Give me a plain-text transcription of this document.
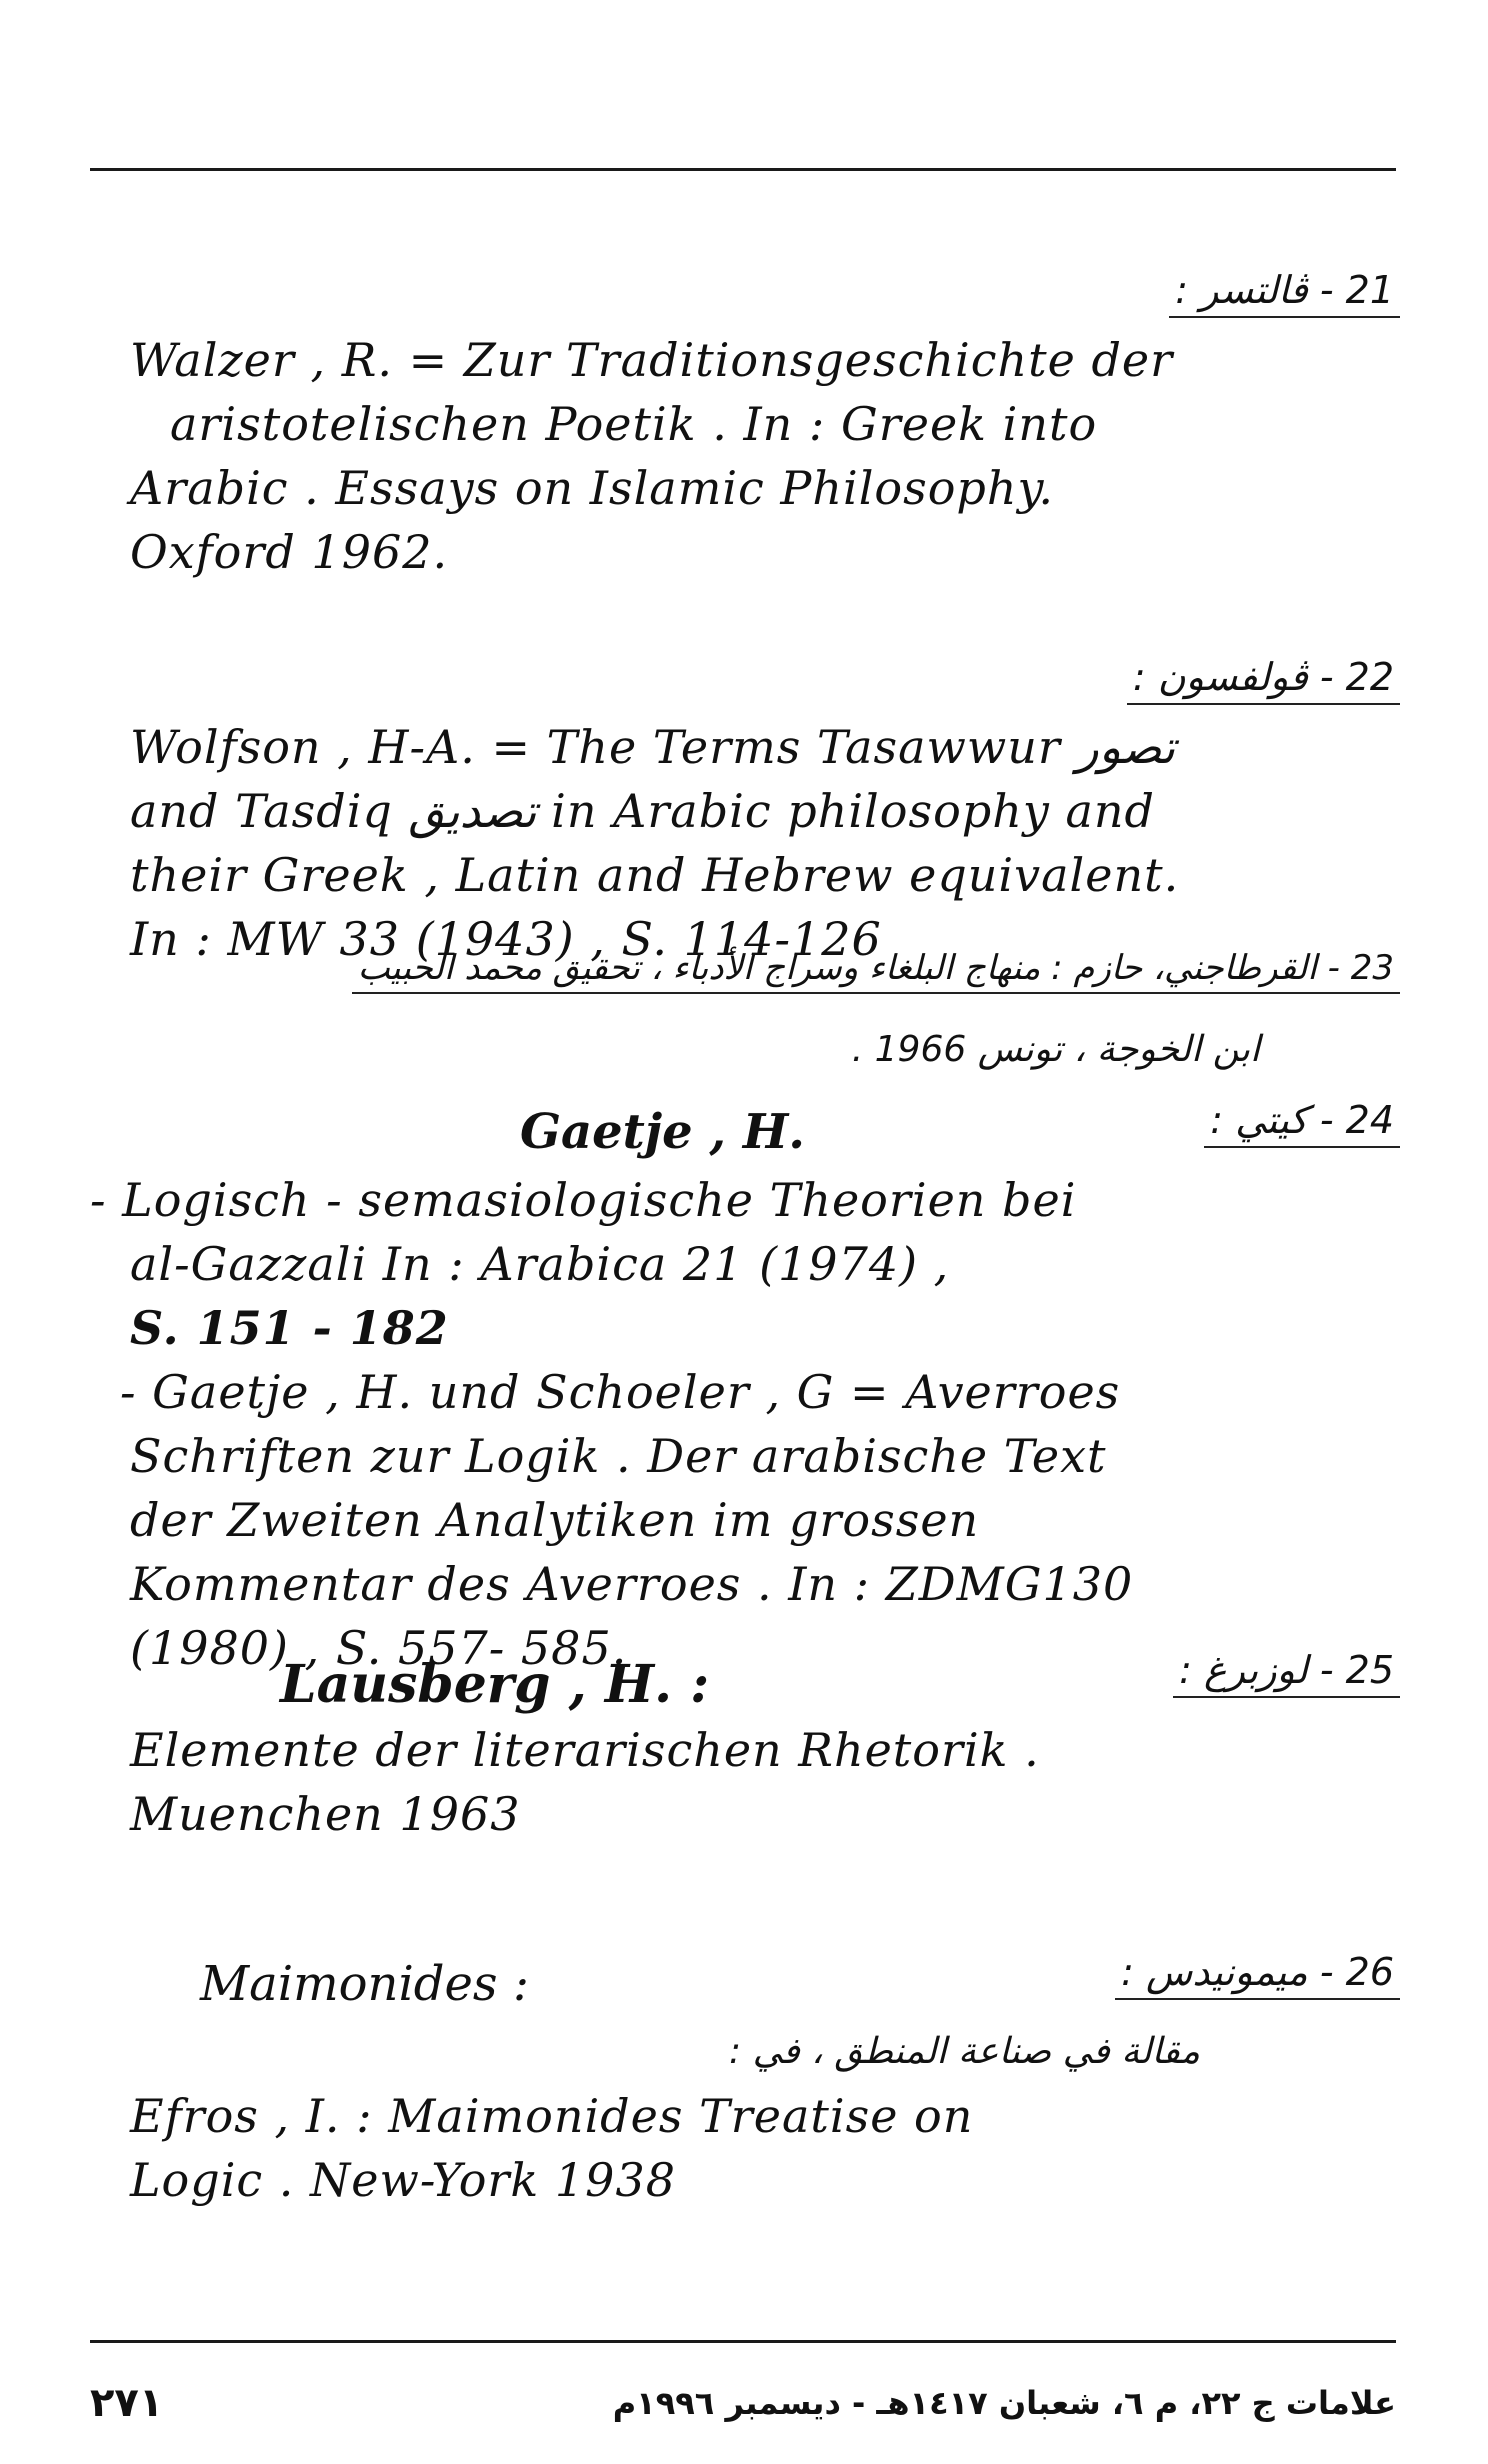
21 - ڤالتسر :
Walzer , R. = Zur Traditionsgeschichte der
aristotelischen Poetik . In : Greek into
Arabic . Essays on Islamic Philosophy.
Oxford 1962.
22 - ڤولفسون :
Wolfson , H-A. = The Terms Tasawwur تصور
and Tasdiq تصديق in Arabic philosophy and
their Greek , Latin and Hebrew equivalent.
In : MW 33 (1943) , S. 114-126
23 - القرطاجني، حازم : منهاج البلغاء وسراج الأدباء ، تحقيق محمد الحبيب
ابن الخوجة ، تونس 1966 .
Gaetje , H.	24 - كيتي :
- Logisch - semasiologische Theorien bei
al-Gazzali In : Arabica 21 (1974) ,
S. 151 - 182
- Gaetje , H. und Schoeler , G = Averroes
Schriften zur Logik . Der arabische Text
der Zweiten Analytiken im grossen
Kommentar des Averroes . In : ZDMG130
(1980) , S. 557- 585.
Lausberg , H. :	25 - لوزبرغ :
Elemente der literarischen Rhetorik .
Muenchen 1963
Maimonides :	26 - ميمونيدس :
مقالة في صناعة المنطق ، في :
Efros , I. : Maimonides Treatise on
Logic . New-York 1938
٢٧١	علامات ج ٢٢، م ٦، شعبان ١٤١٧هـ - ديسمبر ١٩٩٦م
